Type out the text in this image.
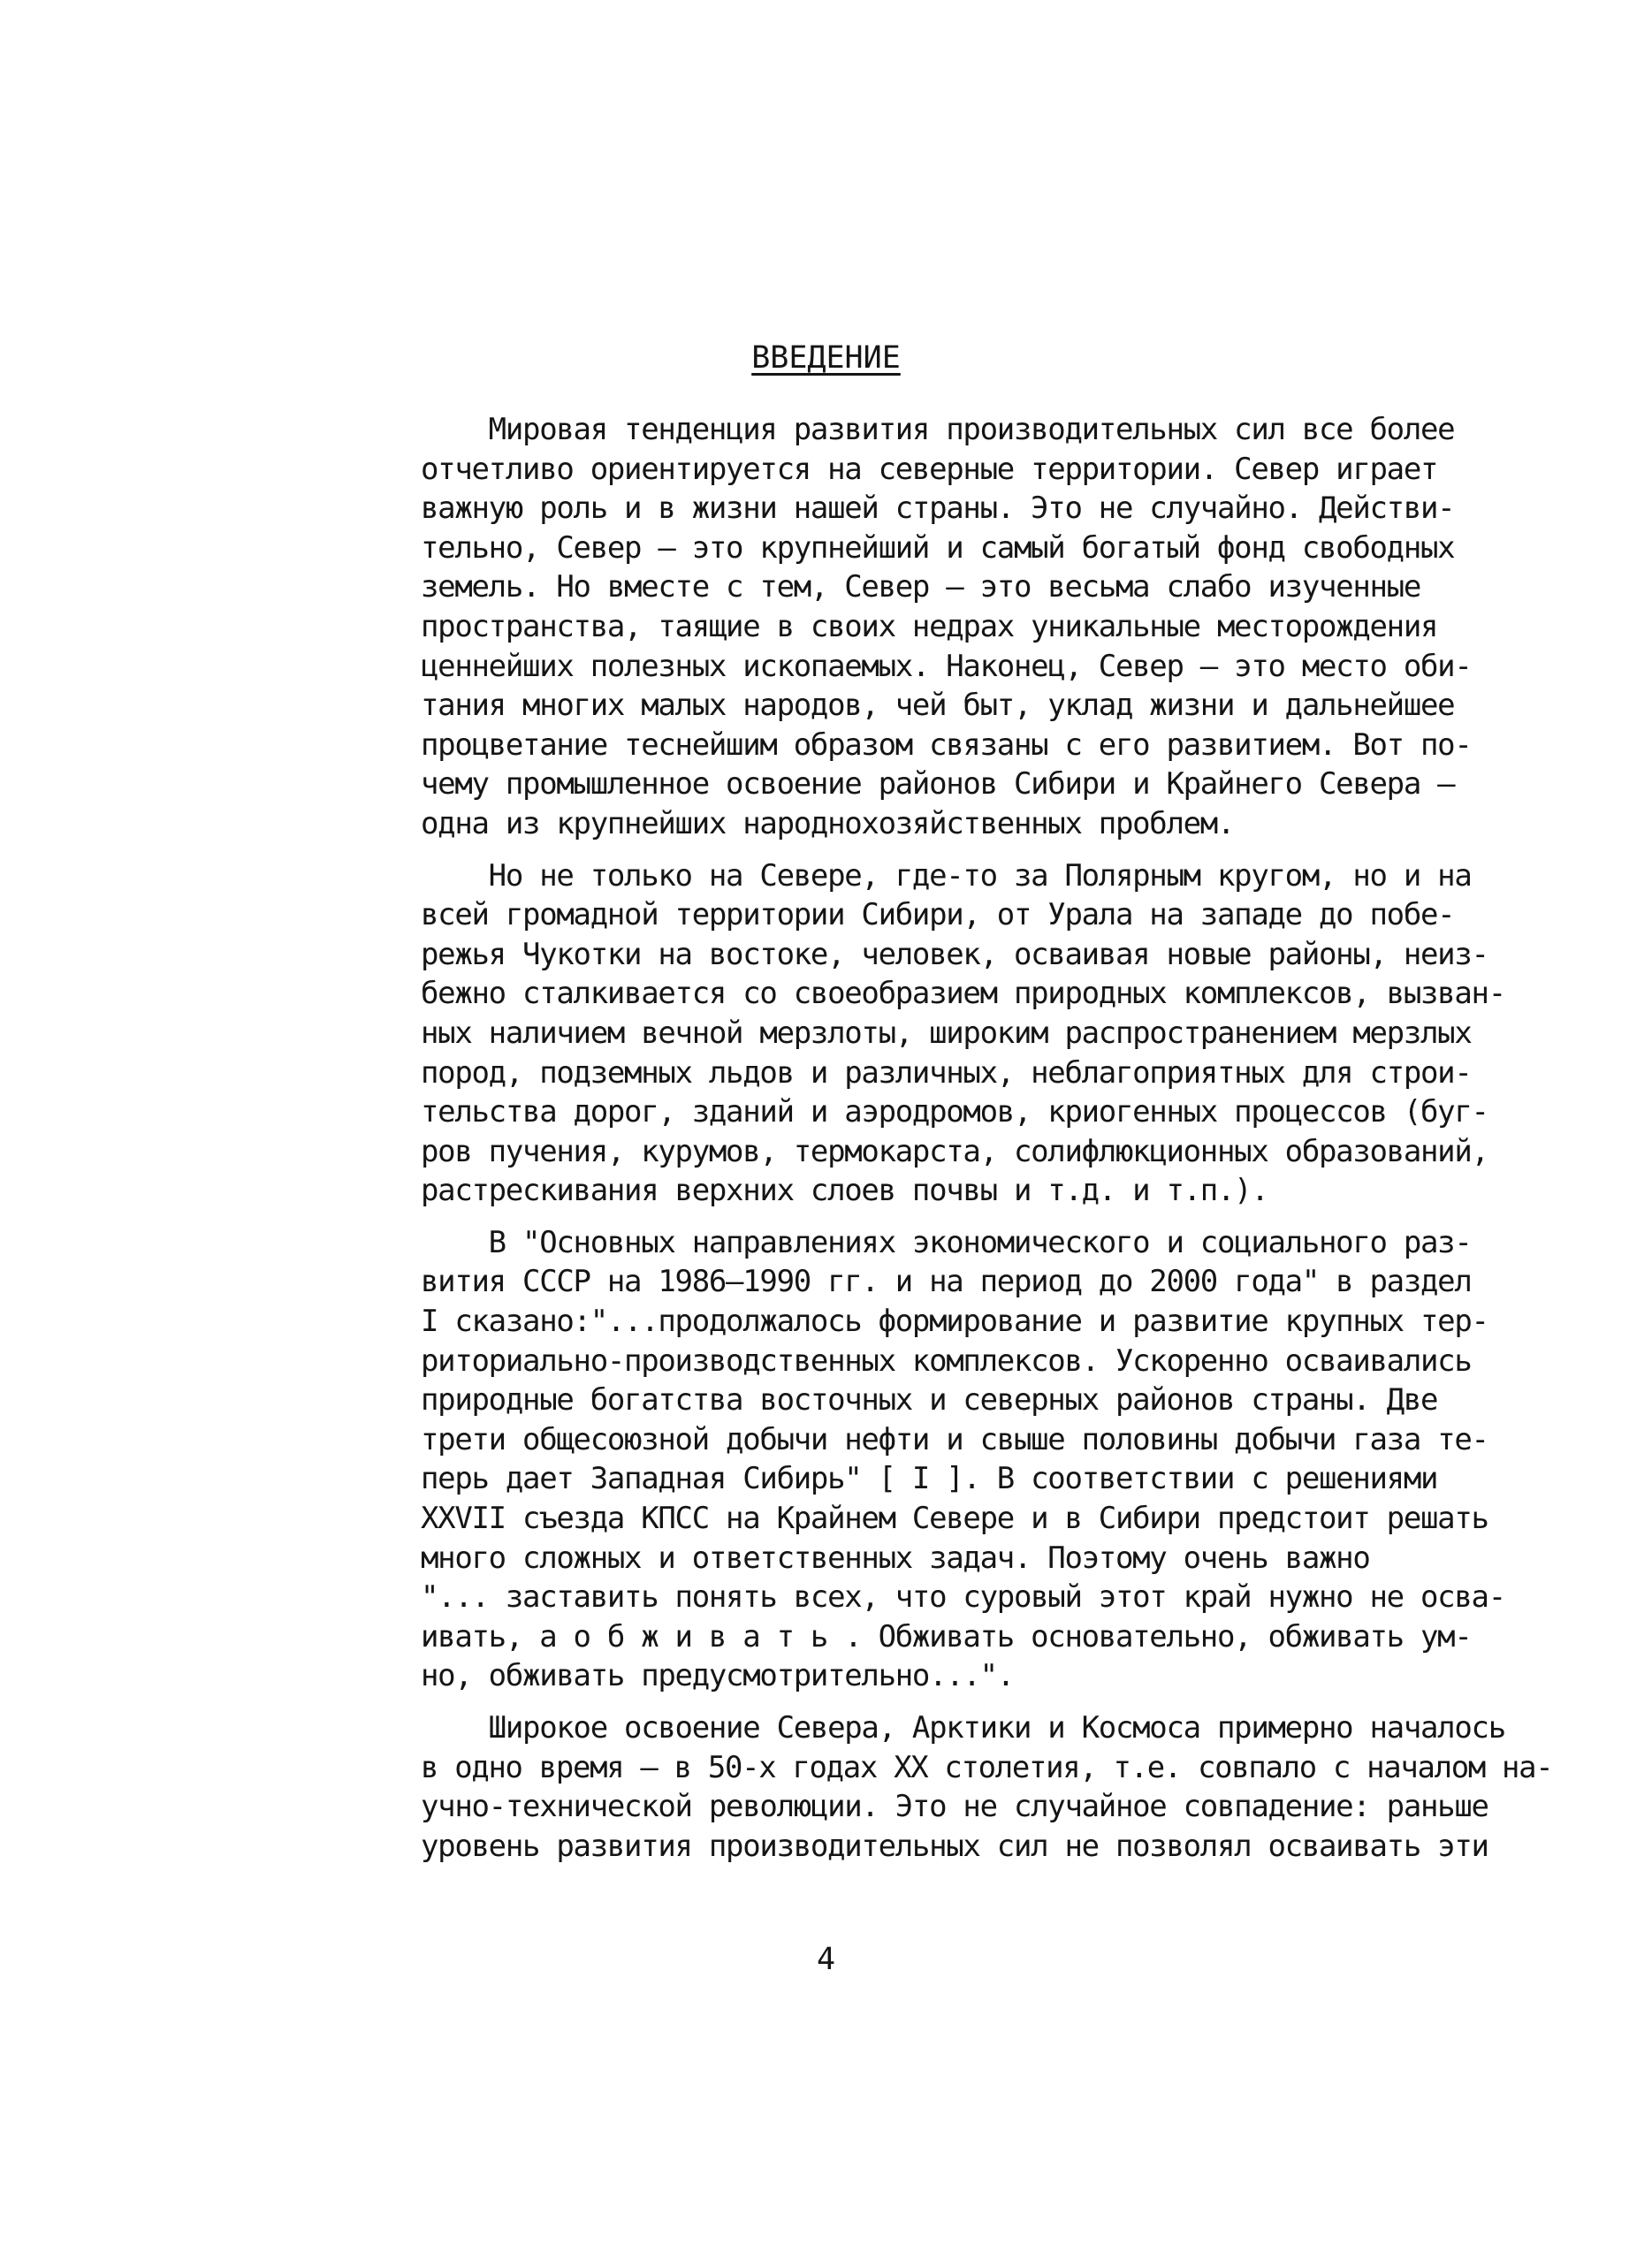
ВВЕДЕНИЕ
Мировая тенденция развития производительных сил все более
отчетливо ориентируется на северные территории. Север играет
важную роль и в жизни нашей страны. Это не случайно. Действи-
тельно, Север – это крупнейший и самый богатый фонд свободных
земель. Но вместе с тем, Север – это весьма слабо изученные
пространства, таящие в своих недрах уникальные месторождения
ценнейших полезных ископаемых. Наконец, Север – это место оби-
тания многих малых народов, чей быт, уклад жизни и дальнейшее
процветание теснейшим образом связаны с его развитием. Вот по-
чему промышленное освоение районов Сибири и Крайнего Севера –
одна из крупнейших народнохозяйственных проблем.
Но не только на Севере, где-то за Полярным кругом, но и на
всей громадной территории Сибири, от Урала на западе до побе-
режья Чукотки на востоке, человек, осваивая новые районы, неиз-
бежно сталкивается со своеобразием природных комплексов, вызван-
ных наличием вечной мерзлоты, широким распространением мерзлых
пород, подземных льдов и различных, неблагоприятных для строи-
тельства дорог, зданий и аэродромов, криогенных процессов (буг-
ров пучения, курумов, термокарста, солифлюкционных образований,
растрескивания верхних слоев почвы и т.д. и т.п.).
В "Основных направлениях экономического и социального раз-
вития СССР на 1986–1990 гг. и на период до 2000 года" в раздел
I сказано:"...продолжалось формирование и развитие крупных тер-
риториально-производственных комплексов. Ускоренно осваивались
природные богатства восточных и северных районов страны. Две
трети общесоюзной добычи нефти и свыше половины добычи газа те-
перь дает Западная Сибирь" [ I ]. В соответствии с решениями
XXVII съезда КПСС на Крайнем Севере и в Сибири предстоит решать
много сложных и ответственных задач. Поэтому очень важно
"... заставить понять всех, что суровый этот край нужно не осва-
ивать, а о б ж и в а т ь . Обживать основательно, обживать ум-
но, обживать предусмотрительно...".
Широкое освоение Севера, Арктики и Космоса примерно началось
в одно время – в 50-х годах XX столетия, т.е. совпало с началом на-
учно-технической революции. Это не случайное совпадение: раньше
уровень развития производительных сил не позволял осваивать эти
4
